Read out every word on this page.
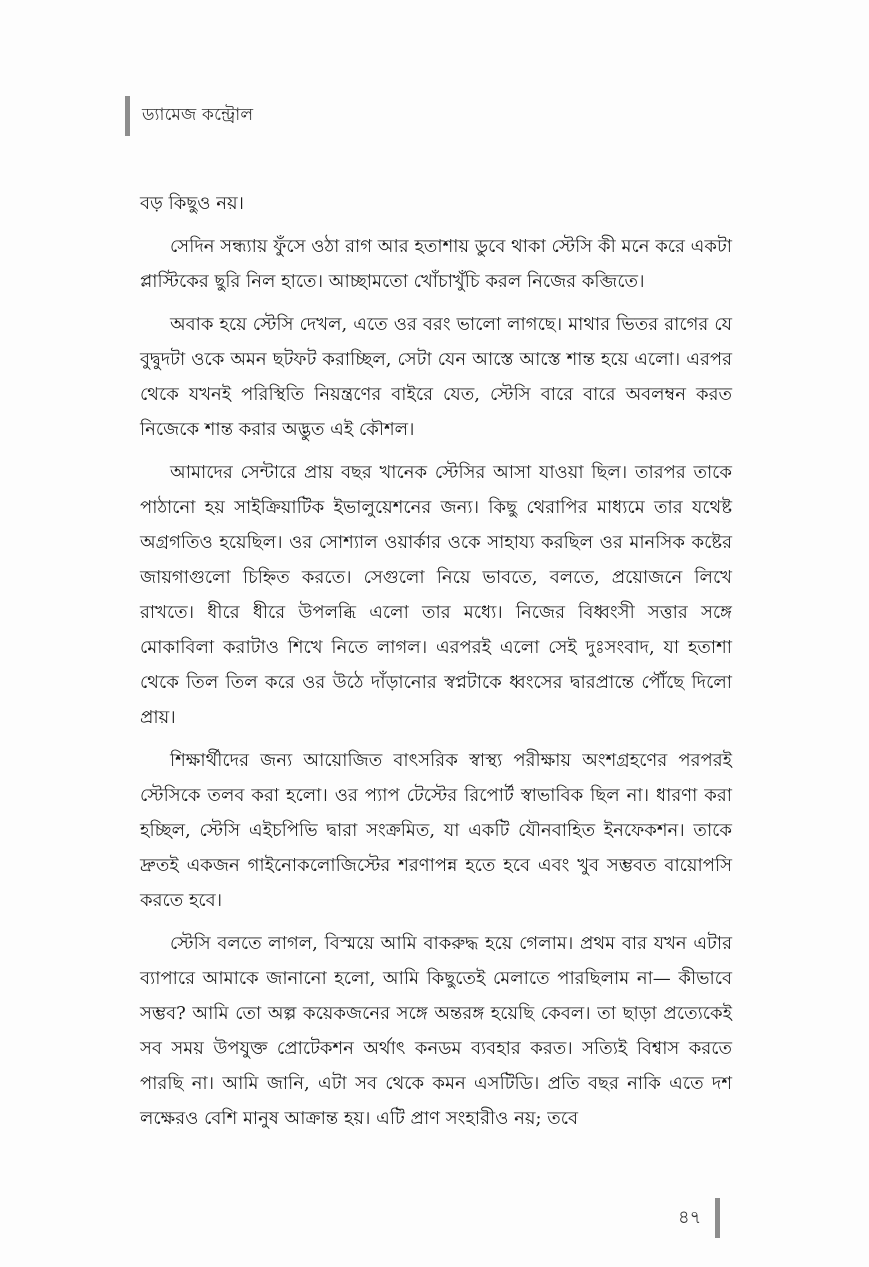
ড্যামেজ কন্ট্রোল

বড় কিছুও নয়।

সেদিন সন্ধ্যায় ফুঁসে ওঠা রাগ আর হতাশায় ডুবে থাকা স্টেসি কী মনে করে একটা প্লাস্টিকের ছুরি নিল হাতে। আচ্ছামতো খোঁচাখুঁচি করল নিজের কব্জিতে।

অবাক হয়ে স্টেসি দেখল, এতে ওর বরং ভালো লাগছে। মাথার ভিতর রাগের যে বুদ্বুদটা ওকে অমন ছটফট করাচ্ছিল, সেটা যেন আস্তে আস্তে শান্ত হয়ে এলো। এরপর থেকে যখনই পরিস্থিতি নিয়ন্ত্রণের বাইরে যেত, স্টেসি বারে বারে অবলম্বন করত নিজেকে শান্ত করার অদ্ভুত এই কৌশল।

আমাদের সেন্টারে প্রায় বছর খানেক স্টেসির আসা যাওয়া ছিল। তারপর তাকে পাঠানো হয় সাইক্রিয়াটিক ইভালুয়েশনের জন্য। কিছু থেরাপির মাধ্যমে তার যথেষ্ট অগ্রগতিও হয়েছিল। ওর সোশ্যাল ওয়ার্কার ওকে সাহায্য করছিল ওর মানসিক কষ্টের জায়গাগুলো চিহ্নিত করতে। সেগুলো নিয়ে ভাবতে, বলতে, প্রয়োজনে লিখে রাখতে। ধীরে ধীরে উপলব্ধি এলো তার মধ্যে। নিজের বিধ্বংসী সত্তার সঙ্গে মোকাবিলা করাটাও শিখে নিতে লাগল। এরপরই এলো সেই দুঃসংবাদ, যা হতাশা থেকে তিল তিল করে ওর উঠে দাঁড়ানোর স্বপ্নটাকে ধ্বংসের দ্বারপ্রান্তে পৌঁছে দিলো প্রায়।

শিক্ষার্থীদের জন্য আয়োজিত বাৎসরিক স্বাস্থ্য পরীক্ষায় অংশগ্রহণের পরপরই স্টেসিকে তলব করা হলো। ওর প্যাপ টেস্টের রিপোর্ট স্বাভাবিক ছিল না। ধারণা করা হচ্ছিল, স্টেসি এইচপিভি দ্বারা সংক্রমিত, যা একটি যৌনবাহিত ইনফেকশন। তাকে দ্রুতই একজন গাইনোকলোজিস্টের শরণাপন্ন হতে হবে এবং খুব সম্ভবত বায়োপসি করতে হবে।

স্টেসি বলতে লাগল, বিস্ময়ে আমি বাকরুদ্ধ হয়ে গেলাম। প্রথম বার যখন এটার ব্যাপারে আমাকে জানানো হলো, আমি কিছুতেই মেলাতে পারছিলাম না— কীভাবে সম্ভব? আমি তো অল্প কয়েকজনের সঙ্গে অন্তরঙ্গ হয়েছি কেবল। তা ছাড়া প্রত্যেকেই সব সময় উপযুক্ত প্রোটেকশন অর্থাৎ কনডম ব্যবহার করত। সত্যিই বিশ্বাস করতে পারছি না। আমি জানি, এটা সব থেকে কমন এসটিডি। প্রতি বছর নাকি এতে দশ লক্ষেরও বেশি মানুষ আক্রান্ত হয়। এটি প্রাণ সংহারীও নয়; তবে

৪৭
